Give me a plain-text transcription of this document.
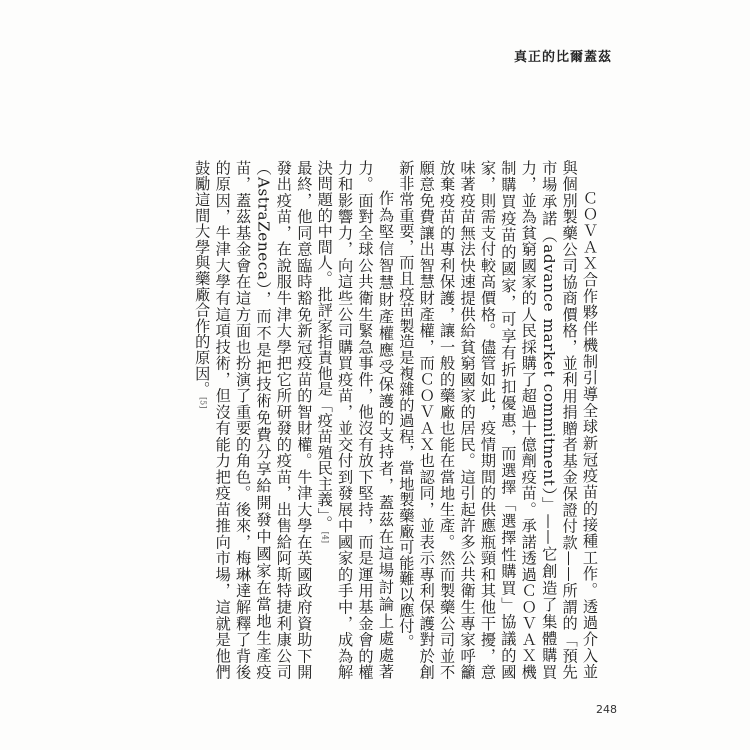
真正的比爾蓋茲

ＣＯＶＡＸ合作夥伴機制引導全球新冠疫苗的接種工作。透過介入並與個別製藥公司協商價格，並利用捐贈者基金保證付款——所謂的「預先市場承諾（advance market commitment）」——它創造了集體購買力，並為貧窮國家的人民採購了超過十億劑疫苗。承諾透過ＣＯＶＡＸ機制購買疫苗的國家，可享有折扣優惠，而選擇「選擇性購買」協議的國家，則需支付較高價格。儘管如此，疫情期間的供應瓶頸和其他干擾，意味著疫苗無法快速提供給貧窮國家的居民。這引起許多公共衛生專家呼籲放棄疫苗的專利保護，讓一般的藥廠也能在當地生產。然而製藥公司並不願意免費讓出智慧財產權，而ＣＯＶＡＸ也認同，並表示專利保護對於創新非常重要，而且疫苗製造是複雜的過程，當地製藥廠可能難以應付。

作為堅信智慧財產權應受保護的支持者，蓋茲在這場討論上處處著力。面對全球公共衛生緊急事件，他沒有放下堅持，而是運用基金會的權力和影響力，向這些公司購買疫苗，並交付到發展中國家的手中，成為解決問題的中間人。批評家指責他是「疫苗殖民主義」。[4]

最終，他同意臨時豁免新冠疫苗的智財權。牛津大學在英國政府資助下開發出疫苗，在說服牛津大學把它所研發的疫苗，出售給阿斯特捷利康公司（AstraZeneca），而不是把技術免費分享給開發中國家在當地生產疫苗，蓋茲基金會在這方面也扮演了重要的角色。後來，梅琳達解釋了背後的原因，牛津大學有這項技術，但沒有能力把疫苗推向市場，這就是他們鼓勵這間大學與藥廠合作的原因。[5]

248
